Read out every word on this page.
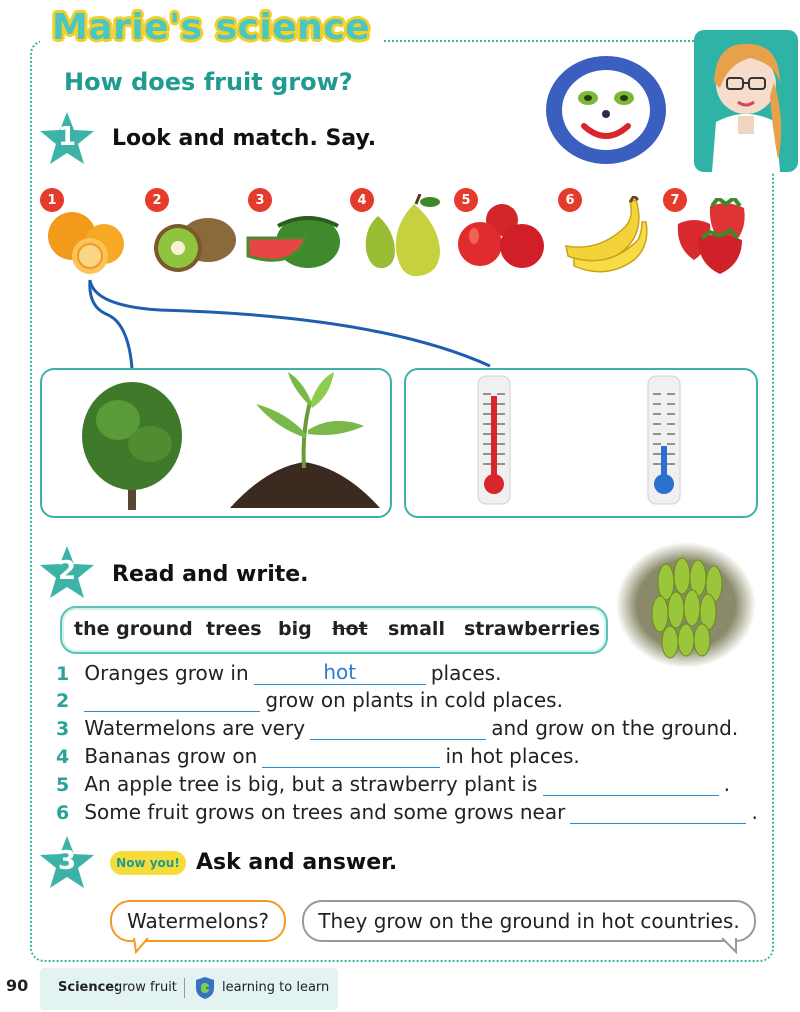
Marie's science
How does fruit grow?
1	Look and match. Say.
1	2	3	4	5	6	7
2	Read and write.
the ground trees big hot small strawberries
1 Oranges grow in	hot	places.
2	grow on plants in cold places.
3 Watermelons are very	and grow on the ground.
4 Bananas grow on	in hot places.
5 An apple tree is big, but a strawberry plant is	.
6 Some fruit grows on trees and some grows near	.
3	Now you! Ask and answer.
Watermelons? They grow on the ground in hot countries.
90 Science:
grow fruit	learning to learn
